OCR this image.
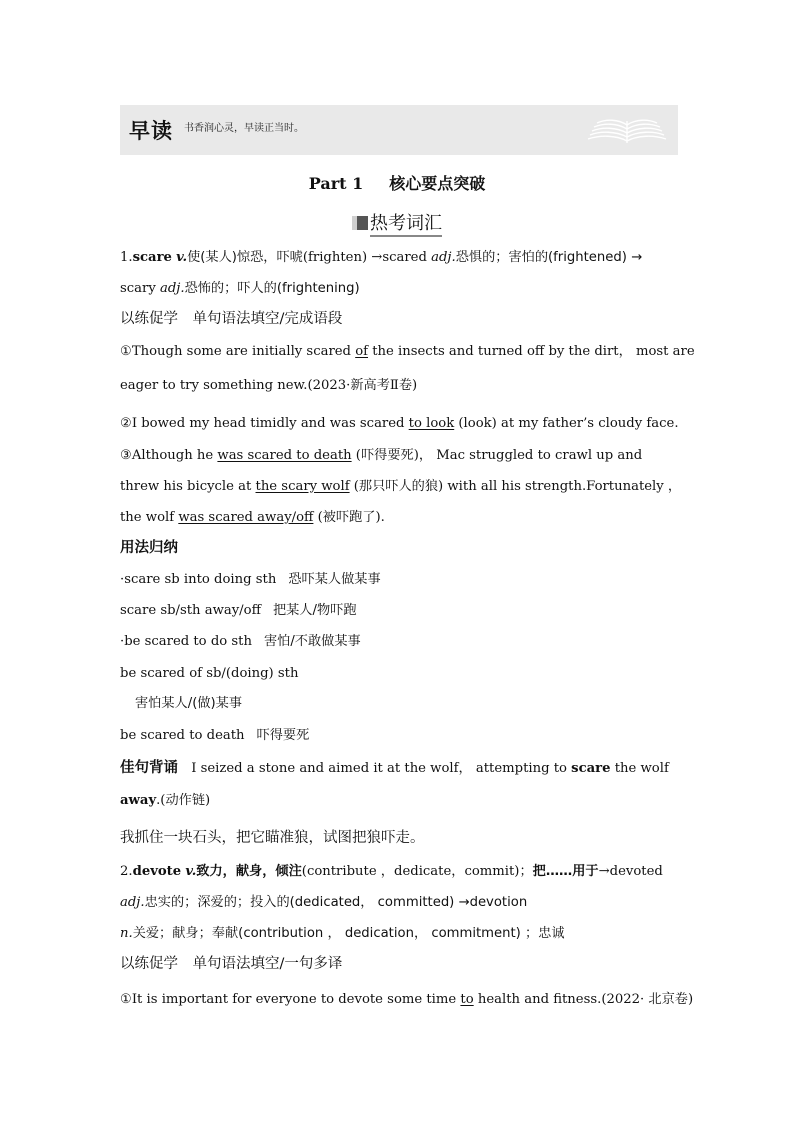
早读 书香润心灵，早读正当时。
Part 1 核心要点突破
热考词汇
1.scare v.使(某人)惊恐，吓唬(frighten) →scared adj.恐惧的；害怕的(frightened) →
scary adj.恐怖的；吓人的(frightening)
以练促学　单句语法填空/完成语段
①Though some are initially scared of the insects and turned off by the dirt， most are
eager to try something new.(2023·新高考Ⅱ卷)
②I bowed my head timidly and was scared to look (look) at my father’s cloudy face.
③Although he was scared to death (吓得要死)， Mac struggled to crawl up and
threw his bicycle at the scary wolf (那只吓人的狼) with all his strength.Fortunately ，
the wolf was scared away/off (被吓跑了).
用法归纳
·scare sb into doing sth 恐吓某人做某事
scare sb/sth away/off 把某人/物吓跑
·be scared to do sth 害怕/不敢做某事
be scared of sb/(doing) sth
害怕某人/(做)某事
be scared to death 吓得要死
佳句背诵　 I seized a stone and aimed it at the wolf， attempting to scare the wolf
away.(动作链)
我抓住一块石头，把它瞄准狼，试图把狼吓走。
2.devote v.致力，献身，倾注(contribute ，dedicate，commit)；把……用于→devoted
adj.忠实的；深爱的；投入的(dedicated， committed) →devotion
n.关爱；献身；奉献(contribution ， dedication， commitment) ；忠诚
以练促学　单句语法填空/一句多译
①It is important for everyone to devote some time to health and fitness.(2022· 北京卷)
